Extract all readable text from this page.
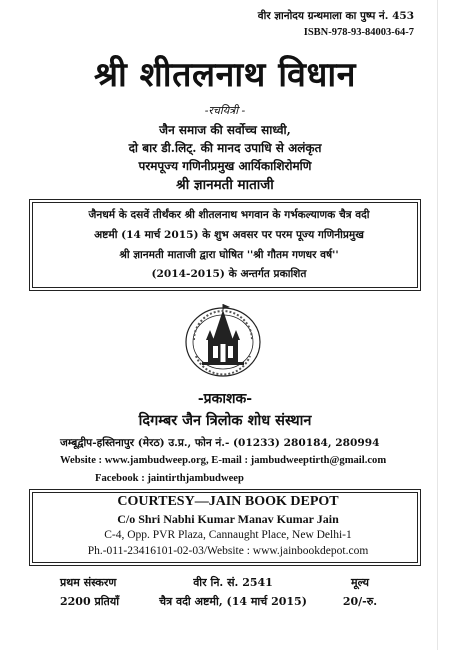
वीर ज्ञानोदय ग्रन्थमाला का पुष्प नं. 453
ISBN-978-93-84003-64-7
श्री शीतलनाथ विधान
-रचयित्री -
जैन समाज की सर्वोच्च साध्वी,
दो बार डी.लिट्. की मानद उपाधि से अलंकृत
परमपूज्य गणिनीप्रमुख आर्यिकाशिरोमणि
श्री ज्ञानमती माताजी
जैनधर्म के दसवें तीर्थंकर श्री शीतलनाथ भगवान के गर्भकल्याणक चैत्र वदी
अष्टमी (14 मार्च 2015) के शुभ अवसर पर परम पूज्य गणिनीप्रमुख
श्री ज्ञानमती माताजी द्वारा घोषित ''श्री गौतम गणधर वर्ष''
(2014-2015) के अन्तर्गत प्रकाशित
-प्रकाशक-
दिगम्बर जैन त्रिलोक शोध संस्थान
जम्बूद्वीप-हस्तिनापुर (मेरठ) उ.प्र., फोन नं.- (01233) 280184, 280994
Website : www.jambudweep.org, E-mail : jambudweeptirth@gmail.com
Facebook : jaintirthjambudweep
COURTESY—JAIN BOOK DEPOT
C/o Shri Nabhi Kumar Manav Kumar Jain
C-4, Opp. PVR Plaza, Cannaught Place, New Delhi-1
Ph.-011-23416101-02-03/Website : www.jainbookdepot.com
प्रथम संस्करण
2200 प्रतियाँ
वीर नि. सं. 2541
चैत्र वदी अष्टमी, (14 मार्च 2015)
मूल्य
20/-रु.
